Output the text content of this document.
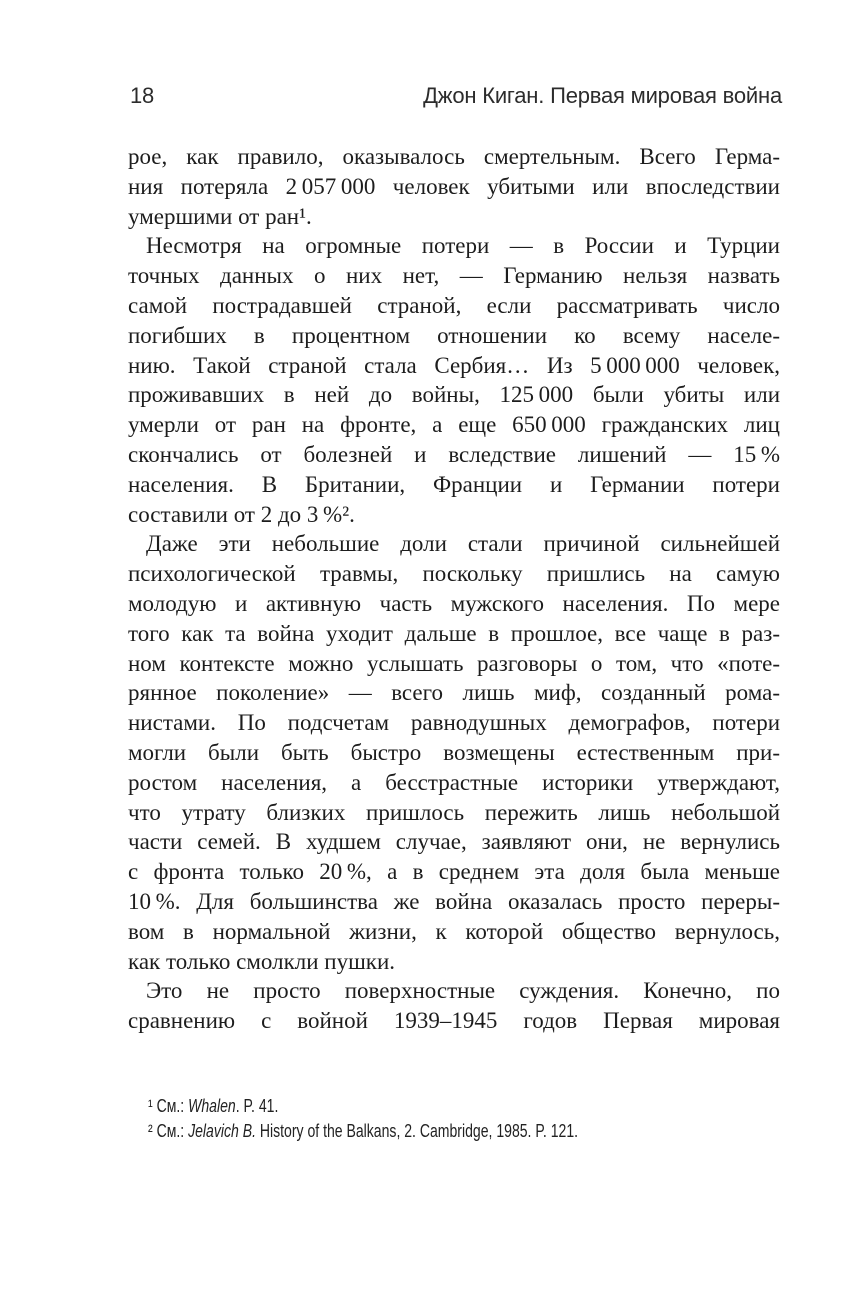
18	Джон Киган. Первая мировая война
рое, как правило, оказывалось смертельным. Всего Герма-
ния потеряла 2 057 000 человек убитыми или впоследствии
умершими от ран¹.
Несмотря на огромные потери — в России и Турции
точных данных о них нет, — Германию нельзя назвать
самой пострадавшей страной, если рассматривать число
погибших в процентном отношении ко всему населе-
нию. Такой страной стала Сербия… Из 5 000 000 человек,
проживавших в ней до войны, 125 000 были убиты или
умерли от ран на фронте, а еще 650 000 гражданских лиц
скончались от болезней и вследствие лишений — 15 %
населения. В Британии, Франции и Германии потери
составили от 2 до 3 %².
Даже эти небольшие доли стали причиной сильнейшей
психологической травмы, поскольку пришлись на самую
молодую и активную часть мужского населения. По мере
того как та война уходит дальше в прошлое, все чаще в раз-
ном контексте можно услышать разговоры о том, что «поте-
рянное поколение» — всего лишь миф, созданный рома-
нистами. По подсчетам равнодушных демографов, потери
могли были быть быстро возмещены естественным при-
ростом населения, а бесстрастные историки утверждают,
что утрату близких пришлось пережить лишь небольшой
части семей. В худшем случае, заявляют они, не вернулись
с фронта только 20 %, а в среднем эта доля была меньше
10 %. Для большинства же война оказалась просто переры-
вом в нормальной жизни, к которой общество вернулось,
как только смолкли пушки.
Это не просто поверхностные суждения. Конечно, по
сравнению с войной 1939–1945 годов Первая мировая
¹ См.: Whalen. P. 41.
² См.: Jelavich B. History of the Balkans, 2. Cambridge, 1985. P. 121.
